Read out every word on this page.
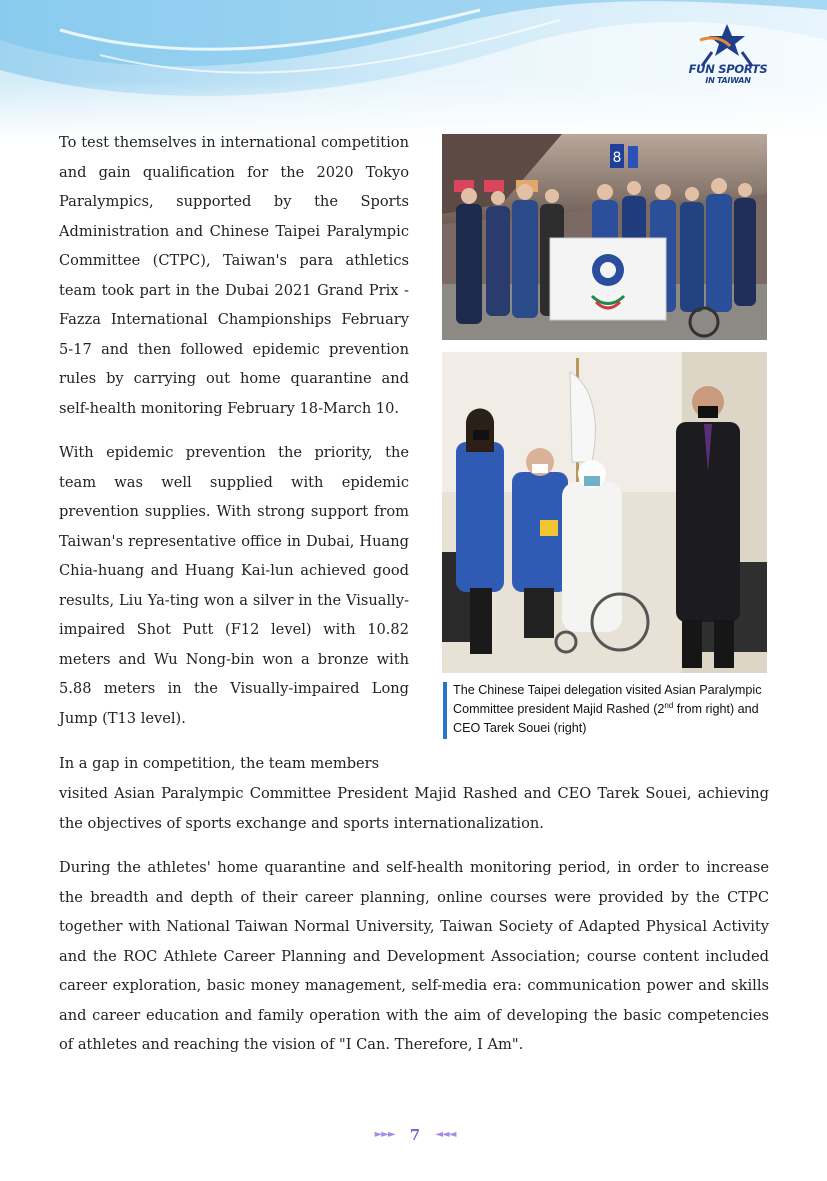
FUN SPORTS
IN TAIWAN

To test themselves in international competition and gain qualification for the 2020 Tokyo Paralympics, supported by the Sports Administration and Chinese Taipei Paralympic Committee (CTPC), Taiwan's para athletics team took part in the Dubai 2021 Grand Prix - Fazza International Championships February 5-17 and then followed epidemic prevention rules by carrying out home quarantine and self-health monitoring February 18-March 10.

With epidemic prevention the priority, the team was well supplied with epidemic prevention supplies. With strong support from Taiwan's representative office in Dubai, Huang Chia-huang and Huang Kai-lun achieved good results, Liu Ya-ting won a silver in the Visually-impaired Shot Putt (F12 level) with 10.82 meters and Wu Nong-bin won a bronze with 5.88 meters in the Visually-impaired Long Jump (T13 level).

In a gap in competition, the team members

visited Asian Paralympic Committee President Majid Rashed and CEO Tarek Souei, achieving the objectives of sports exchange and sports internationalization.

During the athletes' home quarantine and self-health monitoring period, in order to increase the breadth and depth of their career planning, online courses were provided by the CTPC together with National Taiwan Normal University, Taiwan Society of Adapted Physical Activity and the ROC Athlete Career Planning and Development Association; course content included career exploration, basic money management, self-media era: communication power and skills and career education and family operation with the aim of developing the basic competencies of athletes and reaching the vision of "I Can. Therefore, I Am".

8

The Chinese Taipei delegation visited Asian Paralympic Committee president Majid Rashed (2nd from right) and CEO Tarek Souei (right)

►►► 7 ◄◄◄
